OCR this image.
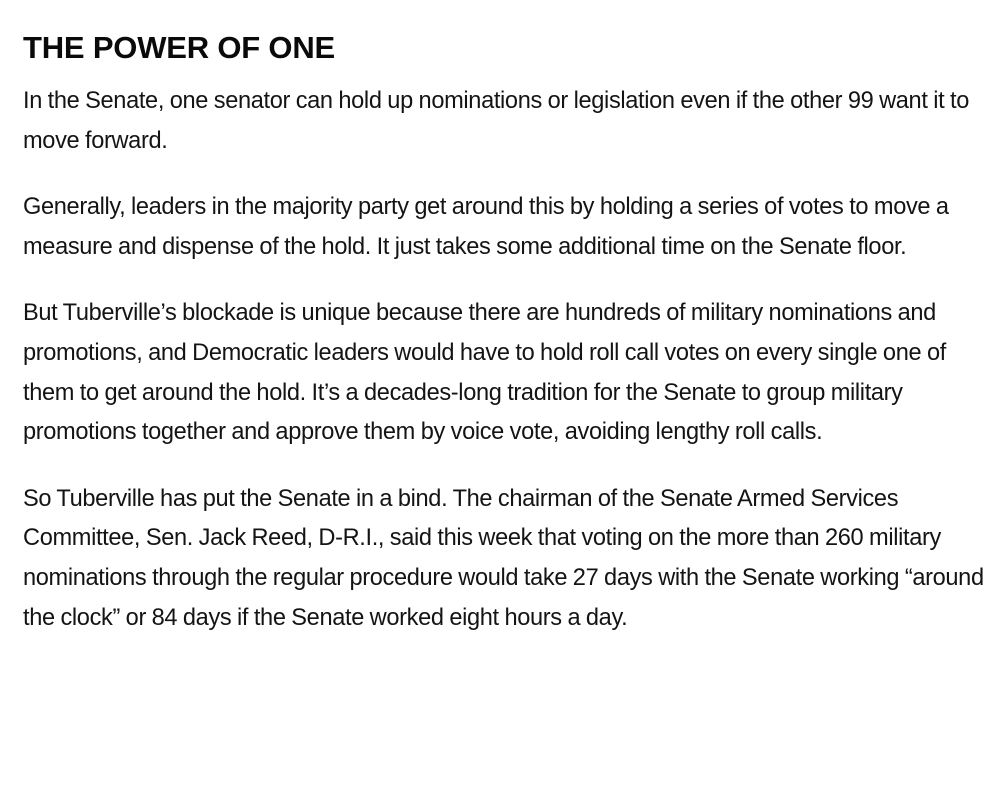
THE POWER OF ONE

In the Senate, one senator can hold up nominations or legislation even if the other 99 want it to move forward.

Generally, leaders in the majority party get around this by holding a series of votes to move a measure and dispense of the hold. It just takes some additional time on the Senate floor.

But Tuberville’s blockade is unique because there are hundreds of military nominations and promotions, and Democratic leaders would have to hold roll call votes on every single one of them to get around the hold. It’s a decades-long tradition for the Senate to group military promotions together and approve them by voice vote, avoiding lengthy roll calls.

So Tuberville has put the Senate in a bind. The chairman of the Senate Armed Services Committee, Sen. Jack Reed, D-R.I., said this week that voting on the more than 260 military nominations through the regular procedure would take 27 days with the Senate working “around the clock” or 84 days if the Senate worked eight hours a day.
